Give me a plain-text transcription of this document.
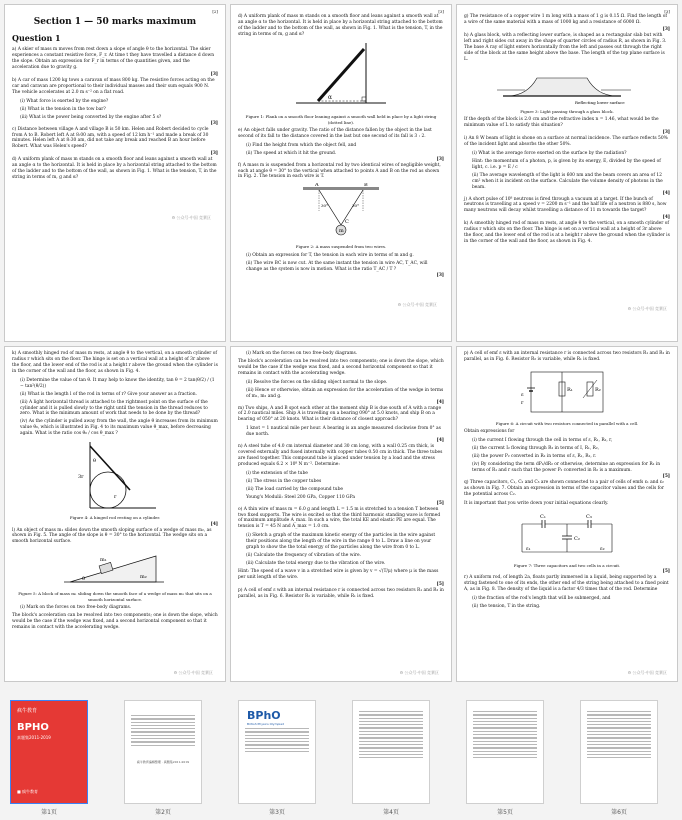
[2]
Section 1 — 50 marks maximum
Question 1

a) A skier of mass m moves from rest down a slope of angle θ to the horizontal. The skier experiences a constant resistive force, F_r. At time t they have travelled a distance d down the slope. Obtain an expression for F_r in terms of the quantities given, and the acceleration due to gravity g.

[3]

b) A car of mass 1200 kg tows a caravan of mass 800 kg. The resistive forces acting on the car and caravan are proportional to their individual masses and their sum equals 900 N. The vehicle accelerates at 2.0 m s⁻² on a flat road.

(i) What force is exerted by the engine?
(ii) What is the tension in the tow bar?
(iii) What is the power being converted by the engine after 5 s?
[3]

c) Distance between village A and village B is 50 km. Helen and Robert decided to cycle from A to B. Robert left A at 8:00 am, with a speed of 12 km h⁻¹ and made a break of 30 minutes. Helen left A at 8:30 am, did not take any break and reached B an hour before Robert. What was Helen's speed?

[3]

d) A uniform plank of mass m stands on a smooth floor and leans against a smooth wall at an angle α to the horizontal. It is held in place by a horizontal string attached to the bottom of the ladder and to the bottom of the wall, as shown in Fig. 1. What is the tension, T, in the string in terms of m, g and α?

⚙ 公众号·中国 竞赛区
[3]

d) A uniform plank of mass m stands on a smooth floor and leans against a smooth wall at an angle α to the horizontal. It is held in place by a horizontal string attached to the bottom of the ladder and to the bottom of the wall, as shown in Fig. 1. What is the tension, T, in the string in terms of m, g and α?

α
Figure 1: Plank on a smooth floor leaning against a smooth wall held in place by a light string (dotted line).

e) An object falls under gravity. The ratio of the distance fallen by the object in the last second of its fall to the distance covered in the last but one second of its fall is 3 : 2.

(i) Find the height from which the object fell, and
(ii) The speed at which it hit the ground.
[3]

f) A mass m is suspended from a horizontal rod by two identical wires of negligible weight, each at angle θ = 30° to the vertical when attached to points A and B on the rod as shown in Fig. 2. The tension in each wire is T.

A	B
C
m
30°	30°
Figure 2: A mass suspended from two wires.
(i) Obtain an expression for T, the tension in each wire in terms of m and g.
(ii) The wire BC is now cut. At the same instant the tension in wire AC, T_AC, will change as the system is now in motion. What is the ratio T_AC / T ?
[3]
⚙ 公众号·中国 竞赛区
[3]

g) The resistance of a copper wire 1 m long with a mass of 1 g is 0.15 Ω. Find the length of a wire of the same material with a mass of 1000 kg and a resistance of 6000 Ω.

[3]

h) A glass block, with a reflecting lower surface, is shaped as a rectangular slab but with left and right sides cut away in the shape of quarter circles of radius R, as shown in Fig. 3. The base A ray of light enters horizontally from the left and passes out through the right side of the block at the same height above the base. The length of the top plane surface is L.

Reflecting lower surface
Figure 3: Light passing through a glass block.

If the depth of the block is 2.0 cm and the refractive index n = 1.46, what would be the minimum value of L to satisfy this situation?

[3]

i) An 8 W beam of light is shone on a surface at normal incidence. The surface reflects 50% of the incident light and absorbs the other 50%.

(i) What is the average force exerted on the surface by the radiation?
Hint: the momentum of a photon, p, is given by its energy, E, divided by the speed of light, c. i.e. p = E / c
(ii) The average wavelength of the light is 600 nm and the beam covers an area of 12 cm² when it is incident on the surface. Calculate the volume density of photons in the beam.
[4]

j) A short pulse of 10⁸ neutrons is fired through a vacuum at a target. If the bunch of neutrons is travelling at a speed v = 2200 m s⁻¹ and the half life of a neutron is 880 s, how many neutrons will decay whilst travelling a distance of 11 m towards the target?

[4]

k) A smoothly hinged rod of mass m rests, at angle θ to the vertical, on a smooth cylinder of radius r which sits on the floor. The hinge is set on a vertical wall at a height of 3r above the floor, and the lower end of the rod is at a height r above the ground when the cylinder is in the corner of the wall and the floor, as shown in Fig. 4.

⚙ 公众号·中国 竞赛区

k) A smoothly hinged rod of mass m rests, at angle θ to the vertical, on a smooth cylinder of radius r which sits on the floor. The hinge is set on a vertical wall at a height of 3r above the floor, and the lower end of the rod is at a height r above the ground when the cylinder is in the corner of the wall and the floor, as shown in Fig. 4.

(i) Determine the value of tan θ. It may help to know the identity, tan θ = 2 tan(θ/2) / (1 − tan²(θ/2))
(ii) What is the length l of the rod in terms of r? Give your answer as a fraction.
(iii) A light horizontal thread is attached to the rightmost point on the surface of the cylinder and it is pulled slowly to the right until the tension in the thread reduces to zero. What is the minimum amount of work that needs to be done by the thread?
(iv) As the cylinder is pulled away from the wall, the angle θ increases from its minimum value θ₀, which is illustrated in Fig. 4 to its maximum value θ_max, before decreasing again. What is the ratio cos θ₀ / cos θ_max ?
3r
r
θ
Figure 4: A hinged rod resting on a cylinder.
[4]

l) An object of mass m₁ slides down the smooth sloping surface of a wedge of mass m₂, as shown in Fig. 5. The angle of the slope is θ = 30° to the horizontal. The wedge sits on a smooth horizontal surface.

m₁
m₂
θ
Figure 5: A block of mass m₁ sliding down the smooth face of a wedge of mass m₂ that sits on a smooth horizontal surface.
(i) Mark on the forces on two free-body diagrams.

The block's acceleration can be resolved into two components; one is down the slope, which would be the case if the wedge was fixed, and a second horizontal component so that it remains in contact with the accelerating wedge.

⚙ 公众号·中国 竞赛区
(i) Mark on the forces on two free-body diagrams.

The block's acceleration can be resolved into two components; one is down the slope, which would be the case if the wedge was fixed, and a second horizontal component so that it remains in contact with the accelerating wedge.

(ii) Resolve the forces on the sliding object normal to the slope.
(iii) Hence or otherwise, obtain an expression for the acceleration of the wedge in terms of m₁, m₂ and g.
[4]

m) Two ships, A and B spot each other at the moment ship B is due south of A with a range of 2.0 nautical miles. Ship A is travelling on a bearing 090° at 5.0 knots, and ship B on a bearing of 050° at 20 knots. What is their distance of closest approach?

1 knot = 1 nautical mile per hour. A bearing is an angle measured clockwise from 0° as due north.
[4]

n) A steel tube of 4.0 cm internal diameter and 30 cm long, with a wall 0.25 cm thick, is covered externally and fused internally with copper tubes 0.50 cm in thick. The three tubes are fused together. This compound tube is placed under tension by a load and the stress produced equals 6.2 × 10⁸ N m⁻². Determine:

(i) the extension of the tube
(ii) The stress in the copper tubes
(iii) The load carried by the compound tube
Young's Modulii: Steel 200 GPa, Copper 110 GPa
[5]

o) A thin wire of mass m = 6.0 g and length L = 1.5 m is stretched to a tension T between two fixed supports. The wire is excited so that the third harmonic standing wave is formed of maximum amplitude A_max. In such a wire, the total KE and elastic PE are equal. The tension is T = 45 N and A_max = 1.0 cm.

(i) Sketch a graph of the maximum kinetic energy of the particles in the wire against their positions along the length of the wire in the range 0 to L. Draw a line on your graph to show the the total energy of the particles along the wire from 0 to L.
(ii) Calculate the frequency of vibration of the wire.
(iii) Calculate the total energy due to the vibration of the wire.

Hint: The speed of a wave v in a stretched wire is given by v = √(T/μ) where μ is the mass per unit length of the wire.

[5]

p) A cell of emf ε with an internal resistance r is connected across two resistors R₁ and R₂ in parallel, as in Fig. 6. Resistor R₂ is variable, while R₁ is fixed.

⚙ 公众号·中国 竞赛区

p) A cell of emf ε with an internal resistance r is connected across two resistors R₁ and R₂ in parallel, as in Fig. 6. Resistor R₂ is variable, while R₁ is fixed.

R₁	R₂
ε
r
Figure 6: A circuit with two resistors connected in parallel with a cell.

Obtain expressions for

(i) the current I flowing through the cell in terms of ε, R₁, R₂, r,
(ii) the current I₂ flowing through R₂ in terms of I, R₁, R₂,
(iii) the power P₂ converted in R₂ in terms of ε, R₁, R₂, r.
(iv) By considering the term dP₂/dR₂ or otherwise, determine an expression for R₂ in terms of R₁ and r such that the power P₂ converted in R₂ is a maximum.
[5]

q) Three capacitors, C₁, C₂ and C₃ are shown connected to a pair of cells of emfs ε₁ and ε₂ as shown in Fig. 7. Obtain an expression in terms of the capacitor values and the cells for the potential across C₂.

It is important that you write down your initial equations clearly.

C₁
C₂
C₃
ε₁	ε₂
Figure 7: Three capacitors and two cells in a circuit.
[5]

r) A uniform rod, of length 2a, floats partly immersed in a liquid, being supported by a string fastened to one of its ends, the other end of the string being attached to a fixed point A, as in Fig. 8. The density of the liquid is a factor 4/3 times that of the rod. Determine

(i) the fraction of the rod's length that will be submerged, and
(ii) the tension, T in the string.
⚙ 公众号·中国 竞赛区
疯牛教育
BPHO
真题集2011-2019
■ 疯牛教育
第1页
疯牛教育编辑整理 · 真题集2011-2019
第2页
BPhO
British Physics Olympiad
第3页	第4页	第5页	第6页
